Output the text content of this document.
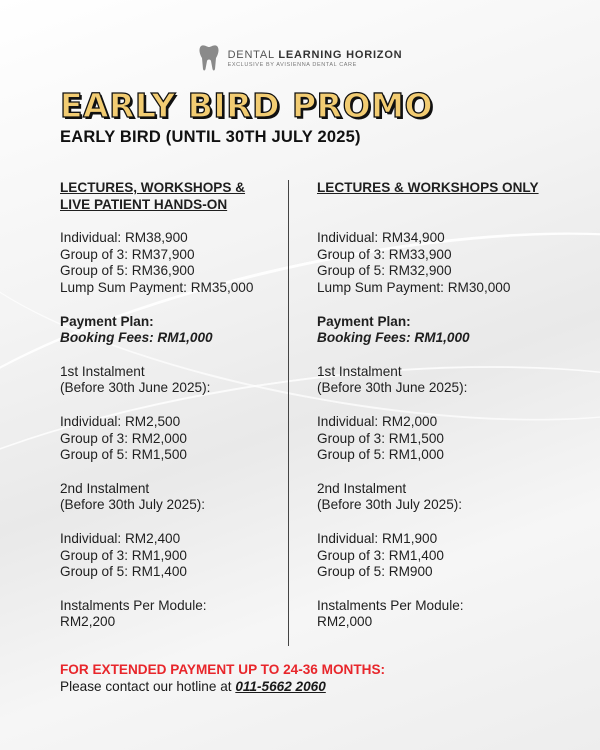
DENTAL LEARNING HORIZON
EXCLUSIVE BY AVISIENNA DENTAL CARE
EARLY BIRD PROMO
EARLY BIRD (UNTIL 30TH JULY 2025)
LECTURES, WORKSHOPS &
LIVE PATIENT HANDS-ON
Individual: RM38,900
Group of 3: RM37,900
Group of 5: RM36,900
Lump Sum Payment: RM35,000
Payment Plan:
Booking Fees: RM1,000
1st Instalment
(Before 30th June 2025):
Individual: RM2,500
Group of 3: RM2,000
Group of 5: RM1,500
2nd Instalment
(Before 30th July 2025):
Individual: RM2,400
Group of 3: RM1,900
Group of 5: RM1,400
Instalments Per Module:
RM2,200
LECTURES & WORKSHOPS ONLY

Individual: RM34,900
Group of 3: RM33,900
Group of 5: RM32,900
Lump Sum Payment: RM30,000
Payment Plan:
Booking Fees: RM1,000
1st Instalment
(Before 30th June 2025):
Individual: RM2,000
Group of 3: RM1,500
Group of 5: RM1,000
2nd Instalment
(Before 30th July 2025):
Individual: RM1,900
Group of 3: RM1,400
Group of 5: RM900
Instalments Per Module:
RM2,000
FOR EXTENDED PAYMENT UP TO 24-36 MONTHS:
Please contact our hotline at 011-5662 2060
